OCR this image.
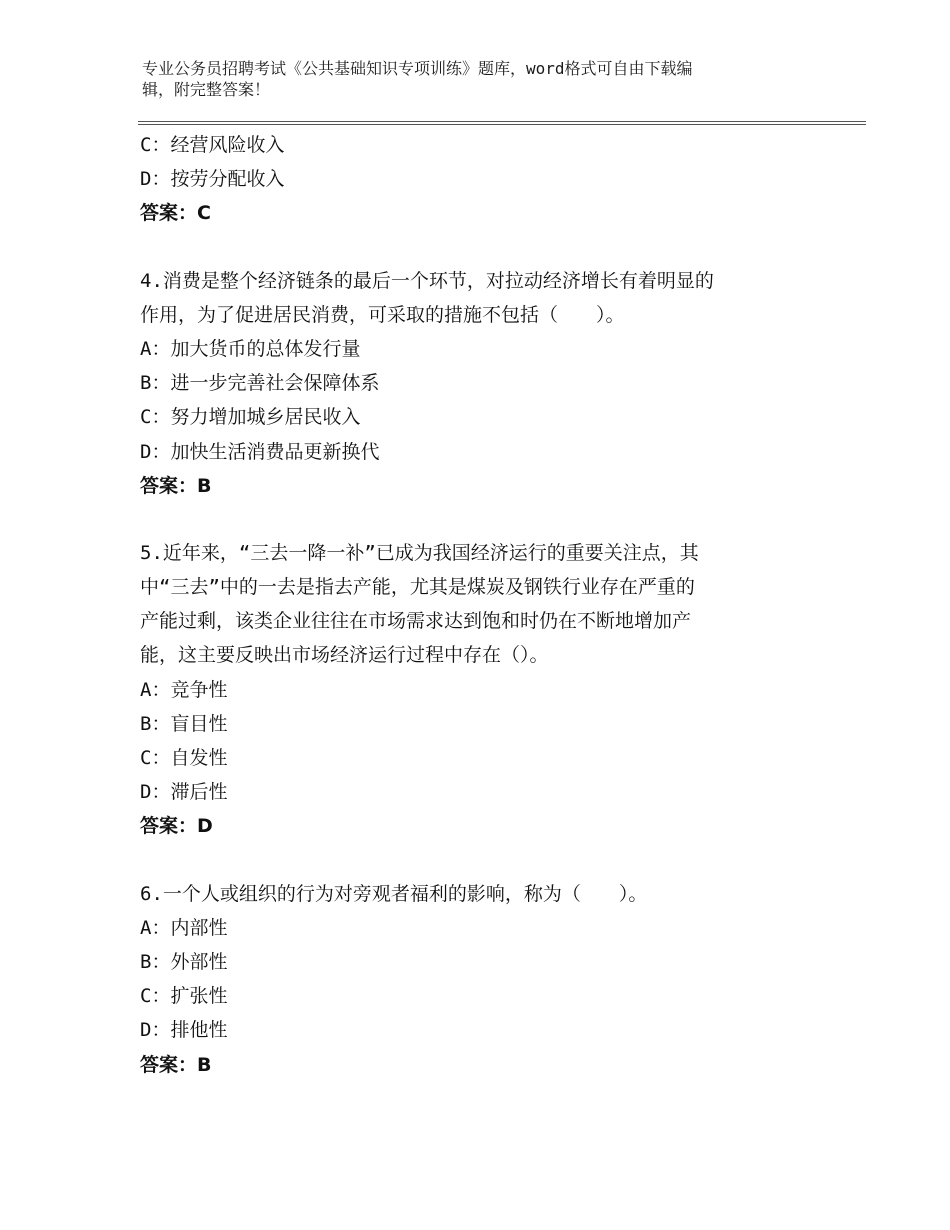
专业公务员招聘考试《公共基础知识专项训练》题库，word格式可自由下载编
辑，附完整答案！
C：经营风险收入
D：按劳分配收入
答案：C
4.消费是整个经济链条的最后一个环节，对拉动经济增长有着明显的
作用，为了促进居民消费，可采取的措施不包括（　　）。
A：加大货币的总体发行量
B：进一步完善社会保障体系
C：努力增加城乡居民收入
D：加快生活消费品更新换代
答案：B
5.近年来，“三去一降一补”已成为我国经济运行的重要关注点，其
中“三去”中的一去是指去产能，尤其是煤炭及钢铁行业存在严重的
产能过剩，该类企业往往在市场需求达到饱和时仍在不断地增加产
能，这主要反映出市场经济运行过程中存在（）。
A：竞争性
B：盲目性
C：自发性
D：滞后性
答案：D
6.一个人或组织的行为对旁观者福利的影响，称为（　　）。
A：内部性
B：外部性
C：扩张性
D：排他性
答案：B
